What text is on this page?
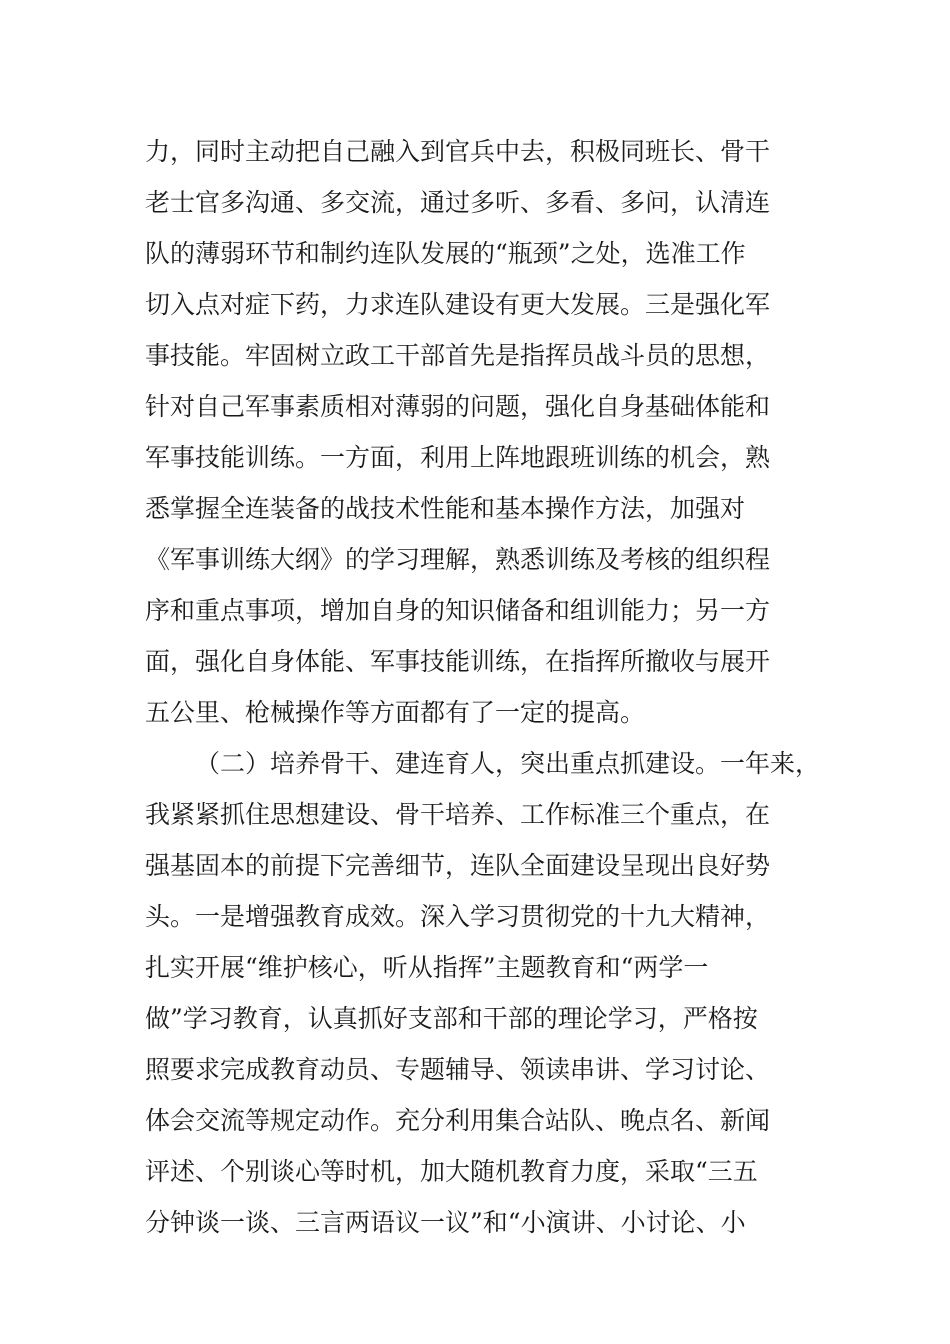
力，同时主动把自己融入到官兵中去，积极同班长、骨干
老士官多沟通、多交流，通过多听、多看、多问，认清连
队的薄弱环节和制约连队发展的“瓶颈”之处，选准工作
切入点对症下药，力求连队建设有更大发展。三是强化军
事技能。牢固树立政工干部首先是指挥员战斗员的思想，
针对自己军事素质相对薄弱的问题，强化自身基础体能和
军事技能训练。一方面，利用上阵地跟班训练的机会，熟
悉掌握全连装备的战技术性能和基本操作方法，加强对
《军事训练大纲》的学习理解，熟悉训练及考核的组织程
序和重点事项，增加自身的知识储备和组训能力；另一方
面，强化自身体能、军事技能训练，在指挥所撤收与展开
五公里、枪械操作等方面都有了一定的提高。
（二）培养骨干、建连育人，突出重点抓建设。一年来，
我紧紧抓住思想建设、骨干培养、工作标准三个重点，在
强基固本的前提下完善细节，连队全面建设呈现出良好势
头。一是增强教育成效。深入学习贯彻党的十九大精神，
扎实开展“维护核心，听从指挥”主题教育和“两学一
做”学习教育，认真抓好支部和干部的理论学习，严格按
照要求完成教育动员、专题辅导、领读串讲、学习讨论、
体会交流等规定动作。充分利用集合站队、晚点名、新闻
评述、个别谈心等时机，加大随机教育力度，采取“三五
分钟谈一谈、三言两语议一议”和“小演讲、小讨论、小
